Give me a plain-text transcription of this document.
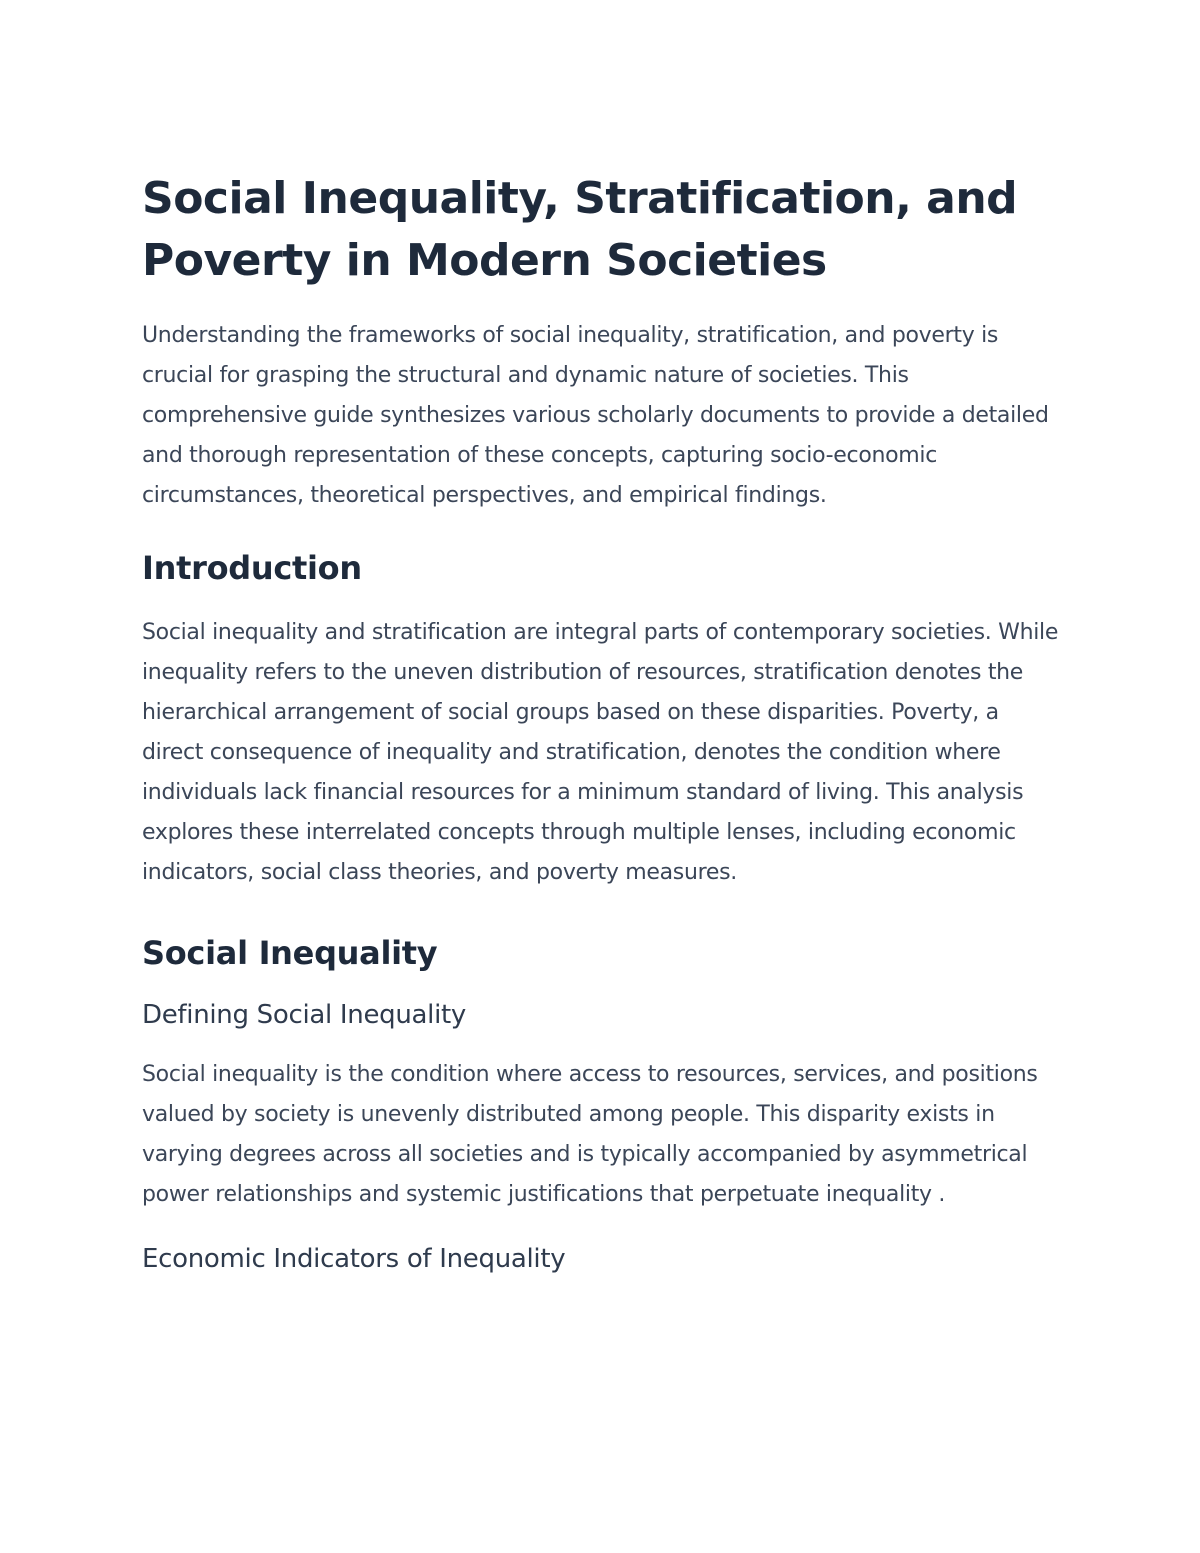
Social Inequality, Stratification, and Poverty in Modern Societies

Understanding the frameworks of social inequality, stratification, and poverty is crucial for grasping the structural and dynamic nature of societies. This comprehensive guide synthesizes various scholarly documents to provide a detailed and thorough representation of these concepts, capturing socio-economic circumstances, theoretical perspectives, and empirical findings.

Introduction

Social inequality and stratification are integral parts of contemporary societies. While inequality refers to the uneven distribution of resources, stratification denotes the hierarchical arrangement of social groups based on these disparities. Poverty, a direct consequence of inequality and stratification, denotes the condition where individuals lack financial resources for a minimum standard of living. This analysis explores these interrelated concepts through multiple lenses, including economic indicators, social class theories, and poverty measures.

Social Inequality
Defining Social Inequality

Social inequality is the condition where access to resources, services, and positions valued by society is unevenly distributed among people. This disparity exists in varying degrees across all societies and is typically accompanied by asymmetrical power relationships and systemic justifications that perpetuate inequality .

Economic Indicators of Inequality
